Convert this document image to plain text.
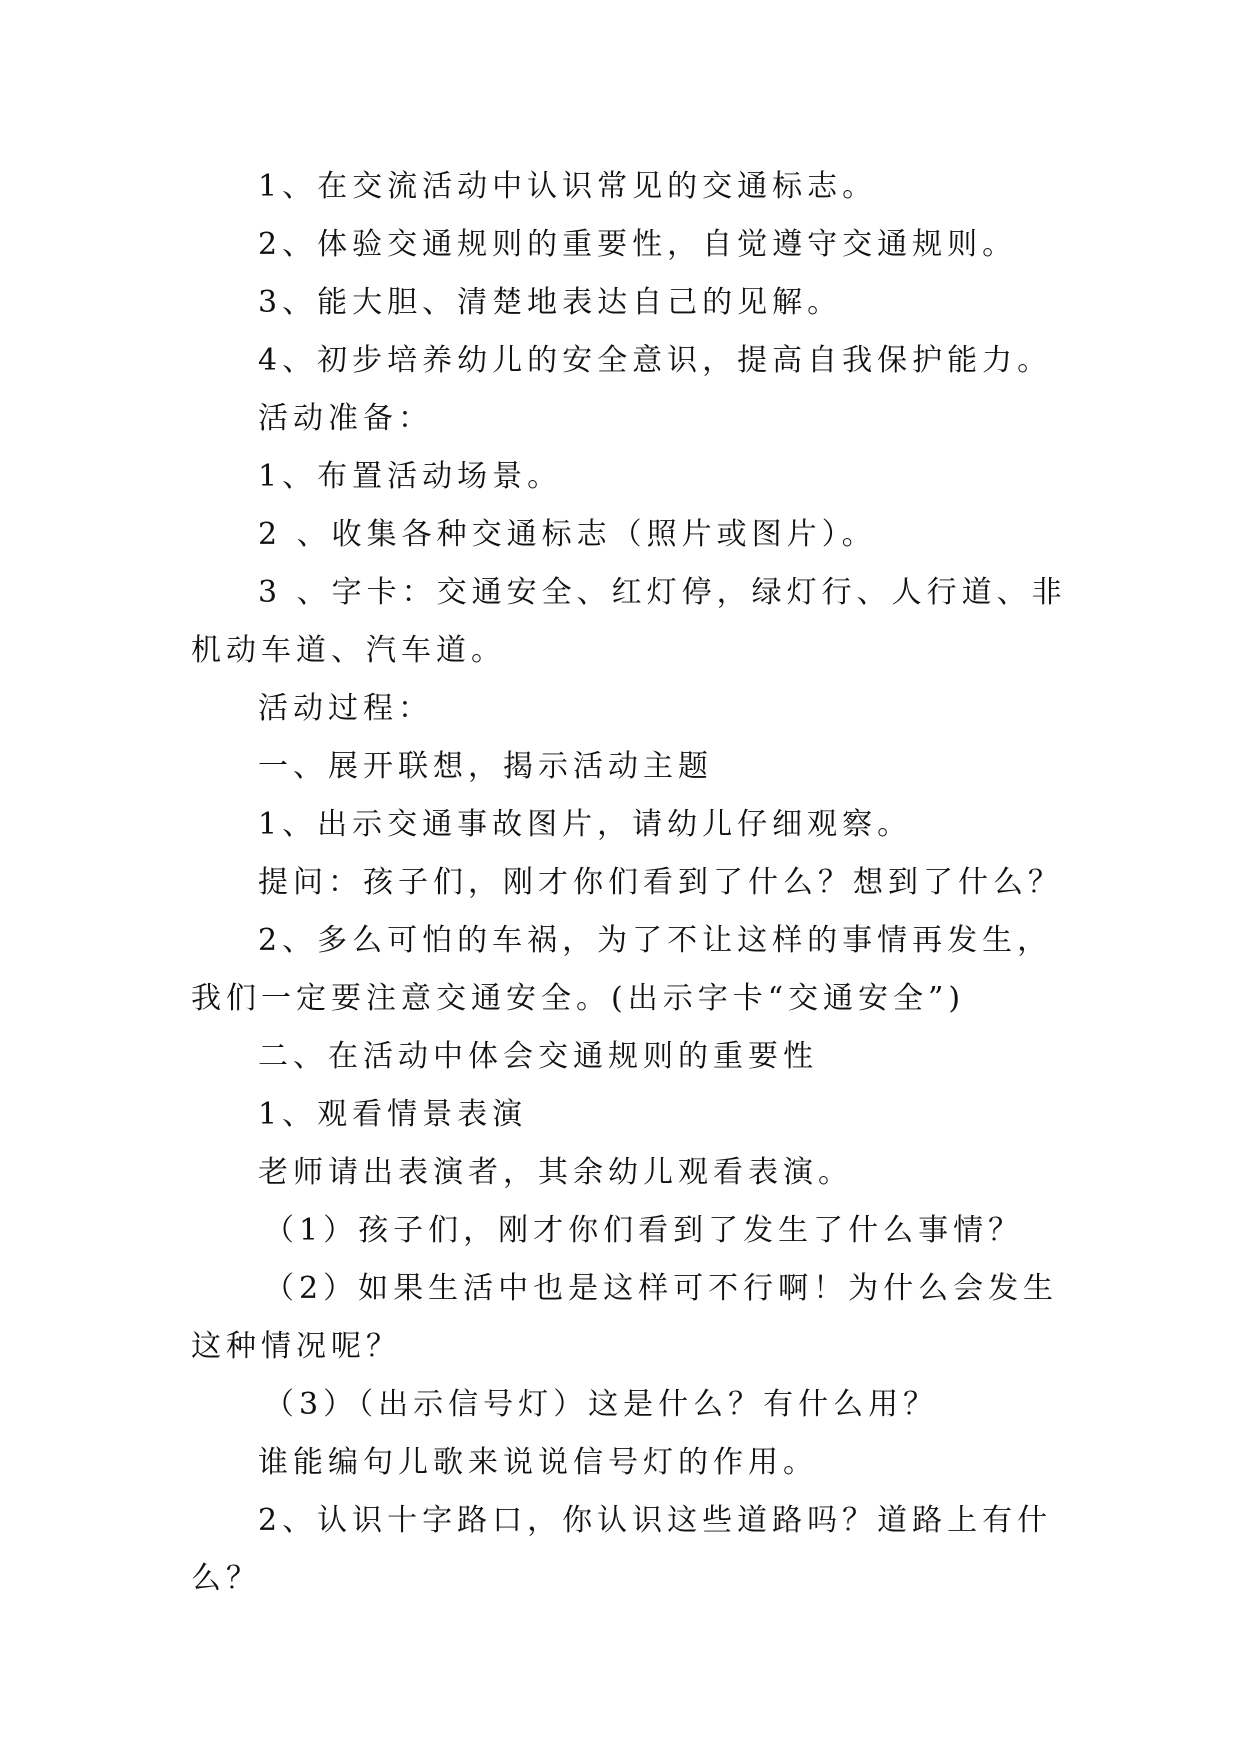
1、在交流活动中认识常见的交通标志。

2、体验交通规则的重要性，自觉遵守交通规则。

3、能大胆、清楚地表达自己的见解。

4、初步培养幼儿的安全意识，提高自我保护能力。

活动准备：

1、布置活动场景。

2 、收集各种交通标志（照片或图片）。

3 、字卡：交通安全、红灯停，绿灯行、人行道、非机动车道、汽车道。

活动过程：

一、展开联想，揭示活动主题

1、出示交通事故图片，请幼儿仔细观察。

提问：孩子们，刚才你们看到了什么？想到了什么？

2、多么可怕的车祸，为了不让这样的事情再发生，我们一定要注意交通安全。(出示字卡“交通安全”)

二、在活动中体会交通规则的重要性

1、观看情景表演

老师请出表演者，其余幼儿观看表演。

（1）孩子们，刚才你们看到了发生了什么事情？

（2）如果生活中也是这样可不行啊！为什么会发生这种情况呢？

（3）（出示信号灯）这是什么？有什么用？

谁能编句儿歌来说说信号灯的作用。

2、认识十字路口，你认识这些道路吗？道路上有什么？
